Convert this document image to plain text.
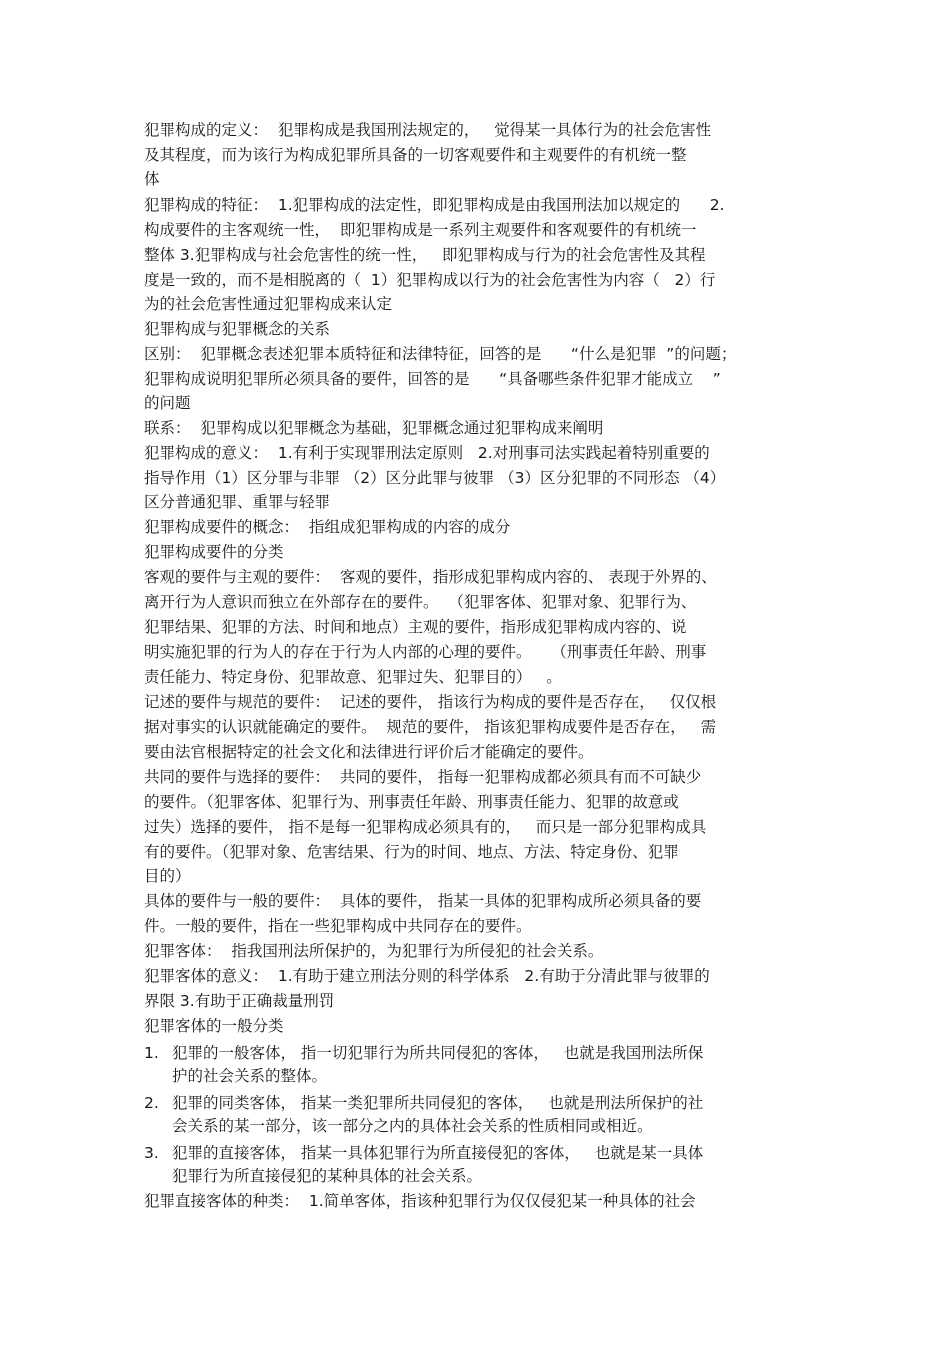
犯罪构成的定义：  犯罪构成是我国刑法规定的，   觉得某一具体行为的社会危害性

及其程度，而为该行为构成犯罪所具备的一切客观要件和主观要件的有机统一整

体

犯罪构成的特征：  1.犯罪构成的法定性，即犯罪构成是由我国刑法加以规定的      2.

构成要件的主客观统一性，  即犯罪构成是一系列主观要件和客观要件的有机统一

整体 3.犯罪构成与社会危害性的统一性，   即犯罪构成与行为的社会危害性及其程

度是一致的，而不是相脱离的（  1）犯罪构成以行为的社会危害性为内容（   2）行

为的社会危害性通过犯罪构成来认定

犯罪构成与犯罪概念的关系

区别：  犯罪概念表述犯罪本质特征和法律特征，回答的是      “什么是犯罪  ”的问题；

犯罪构成说明犯罪所必须具备的要件，回答的是      “具备哪些条件犯罪才能成立    ”

的问题

联系：  犯罪构成以犯罪概念为基础，犯罪概念通过犯罪构成来阐明

犯罪构成的意义：  1.有利于实现罪刑法定原则   2.对刑事司法实践起着特别重要的

指导作用（1）区分罪与非罪 （2）区分此罪与彼罪 （3）区分犯罪的不同形态 （4）

区分普通犯罪、重罪与轻罪

犯罪构成要件的概念：  指组成犯罪构成的内容的成分

犯罪构成要件的分类

客观的要件与主观的要件：  客观的要件，指形成犯罪构成内容的、 表现于外界的、

离开行为人意识而独立在外部存在的要件。  （犯罪客体、犯罪对象、犯罪行为、

犯罪结果、犯罪的方法、时间和地点）主观的要件，指形成犯罪构成内容的、说

明实施犯罪的行为人的存在于行为人内部的心理的要件。    （刑事责任年龄、刑事

责任能力、特定身份、犯罪故意、犯罪过失、犯罪目的）   。

记述的要件与规范的要件：  记述的要件， 指该行为构成的要件是否存在，   仅仅根

据对事实的认识就能确定的要件。  规范的要件， 指该犯罪构成要件是否存在，   需

要由法官根据特定的社会文化和法律进行评价后才能确定的要件。

共同的要件与选择的要件：  共同的要件， 指每一犯罪构成都必须具有而不可缺少

的要件。（犯罪客体、犯罪行为、刑事责任年龄、刑事责任能力、犯罪的故意或

过失）选择的要件， 指不是每一犯罪构成必须具有的，   而只是一部分犯罪构成具

有的要件。（犯罪对象、危害结果、行为的时间、地点、方法、特定身份、犯罪

目的）

具体的要件与一般的要件：  具体的要件， 指某一具体的犯罪构成所必须具备的要

件。一般的要件，指在一些犯罪构成中共同存在的要件。

犯罪客体：  指我国刑法所保护的，为犯罪行为所侵犯的社会关系。

犯罪客体的意义：  1.有助于建立刑法分则的科学体系   2.有助于分清此罪与彼罪的

界限 3.有助于正确裁量刑罚

犯罪客体的一般分类

1. 犯罪的一般客体， 指一切犯罪行为所共同侵犯的客体，   也就是我国刑法所保

护的社会关系的整体。

2. 犯罪的同类客体， 指某一类犯罪所共同侵犯的客体，   也就是刑法所保护的社

会关系的某一部分，该一部分之内的具体社会关系的性质相同或相近。

3. 犯罪的直接客体， 指某一具体犯罪行为所直接侵犯的客体，   也就是某一具体

犯罪行为所直接侵犯的某种具体的社会关系。

犯罪直接客体的种类：  1.简单客体，指该种犯罪行为仅仅侵犯某一种具体的社会
